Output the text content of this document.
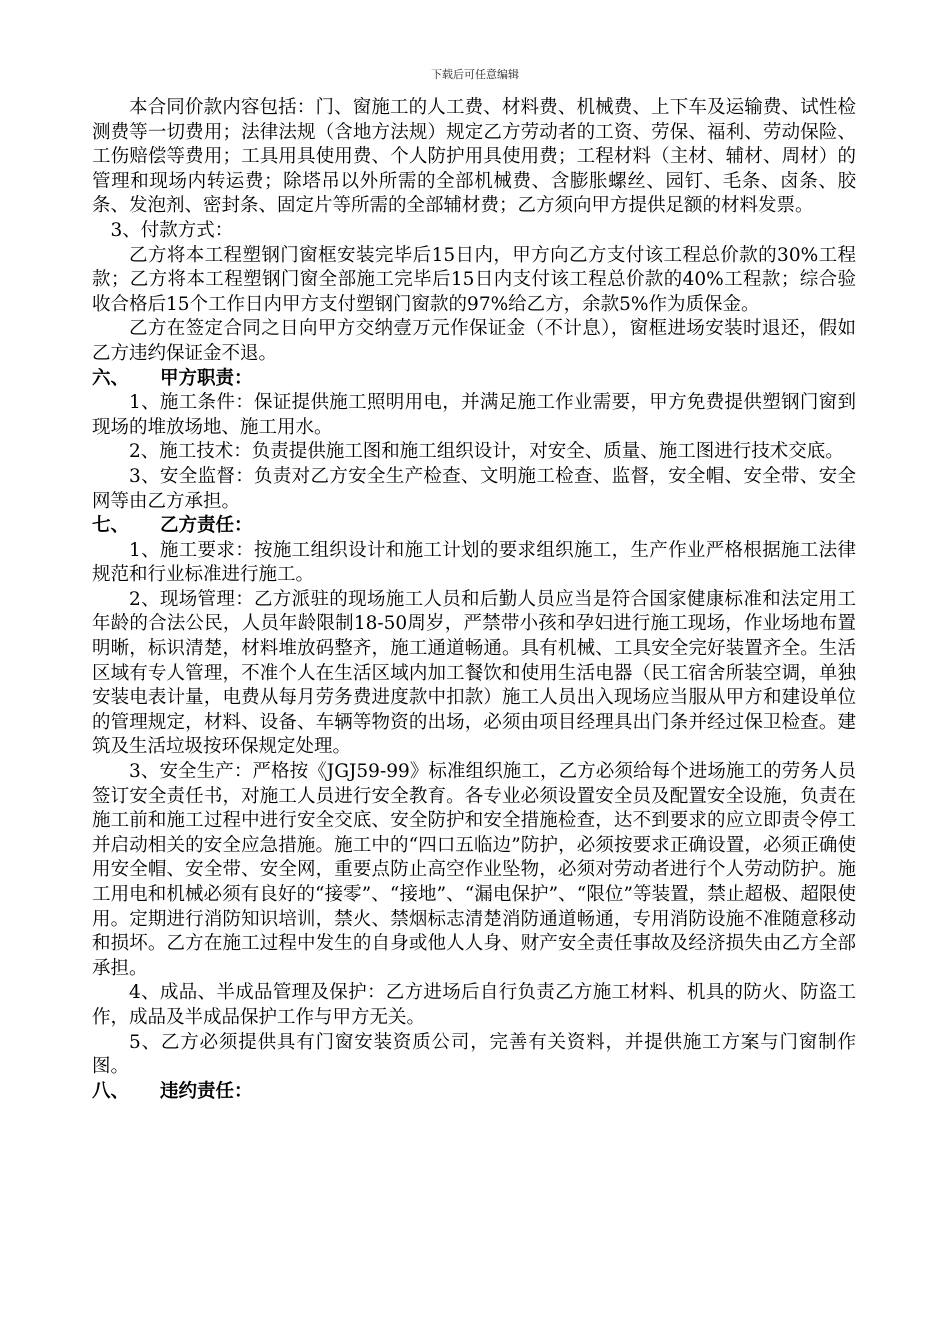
下载后可任意编辑

本合同价款内容包括：门、窗施工的人工费、材料费、机械费、上下车及运输费、试性检测费等一切费用；法律法规（含地方法规）规定乙方劳动者的工资、劳保、福利、劳动保险、工伤赔偿等费用；工具用具使用费、个人防护用具使用费；工程材料（主材、辅材、周材）的管理和现场内转运费；除塔吊以外所需的全部机械费、含膨胀螺丝、园钉、毛条、卤条、胶条、发泡剂、密封条、固定片等所需的全部辅材费；乙方须向甲方提供足额的材料发票。

3、付款方式：

乙方将本工程塑钢门窗框安装完毕后15日内，甲方向乙方支付该工程总价款的30%工程款；乙方将本工程塑钢门窗全部施工完毕后15日内支付该工程总价款的40%工程款；综合验收合格后15个工作日内甲方支付塑钢门窗款的97%给乙方，余款5%作为质保金。

乙方在签定合同之日向甲方交纳壹万元作保证金（不计息），窗框进场安装时退还，假如乙方违约保证金不退。

六、 甲方职责：

1、施工条件：保证提供施工照明用电，并满足施工作业需要，甲方免费提供塑钢门窗到现场的堆放场地、施工用水。

2、施工技术：负责提供施工图和施工组织设计，对安全、质量、施工图进行技术交底。

3、安全监督：负责对乙方安全生产检查、文明施工检查、监督，安全帽、安全带、安全网等由乙方承担。

七、 乙方责任：

1、施工要求：按施工组织设计和施工计划的要求组织施工，生产作业严格根据施工法律规范和行业标准进行施工。

2、现场管理：乙方派驻的现场施工人员和后勤人员应当是符合国家健康标准和法定用工年龄的合法公民，人员年龄限制18-50周岁，严禁带小孩和孕妇进行施工现场，作业场地布置明晰，标识清楚，材料堆放码整齐，施工通道畅通。具有机械、工具安全完好装置齐全。生活区域有专人管理，不准个人在生活区域内加工餐饮和使用生活电器（民工宿舍所装空调，单独安装电表计量，电费从每月劳务费进度款中扣款）施工人员出入现场应当服从甲方和建设单位的管理规定，材料、设备、车辆等物资的出场，必须由项目经理具出门条并经过保卫检查。建筑及生活垃圾按环保规定处理。

3、安全生产：严格按《JGJ59-99》标准组织施工，乙方必须给每个进场施工的劳务人员签订安全责任书，对施工人员进行安全教育。各专业必须设置安全员及配置安全设施，负责在施工前和施工过程中进行安全交底、安全防护和安全措施检查，达不到要求的应立即责令停工并启动相关的安全应急措施。施工中的“四口五临边”防护，必须按要求正确设置，必须正确使用安全帽、安全带、安全网，重要点防止高空作业坠物，必须对劳动者进行个人劳动防护。施工用电和机械必须有良好的“接零”、“接地”、“漏电保护”、“限位”等装置，禁止超极、超限使用。定期进行消防知识培训，禁火、禁烟标志清楚消防通道畅通，专用消防设施不准随意移动和损坏。乙方在施工过程中发生的自身或他人人身、财产安全责任事故及经济损失由乙方全部承担。

4、成品、半成品管理及保护：乙方进场后自行负责乙方施工材料、机具的防火、防盗工作，成品及半成品保护工作与甲方无关。

5、乙方必须提供具有门窗安装资质公司，完善有关资料，并提供施工方案与门窗制作图。

八、 违约责任：
